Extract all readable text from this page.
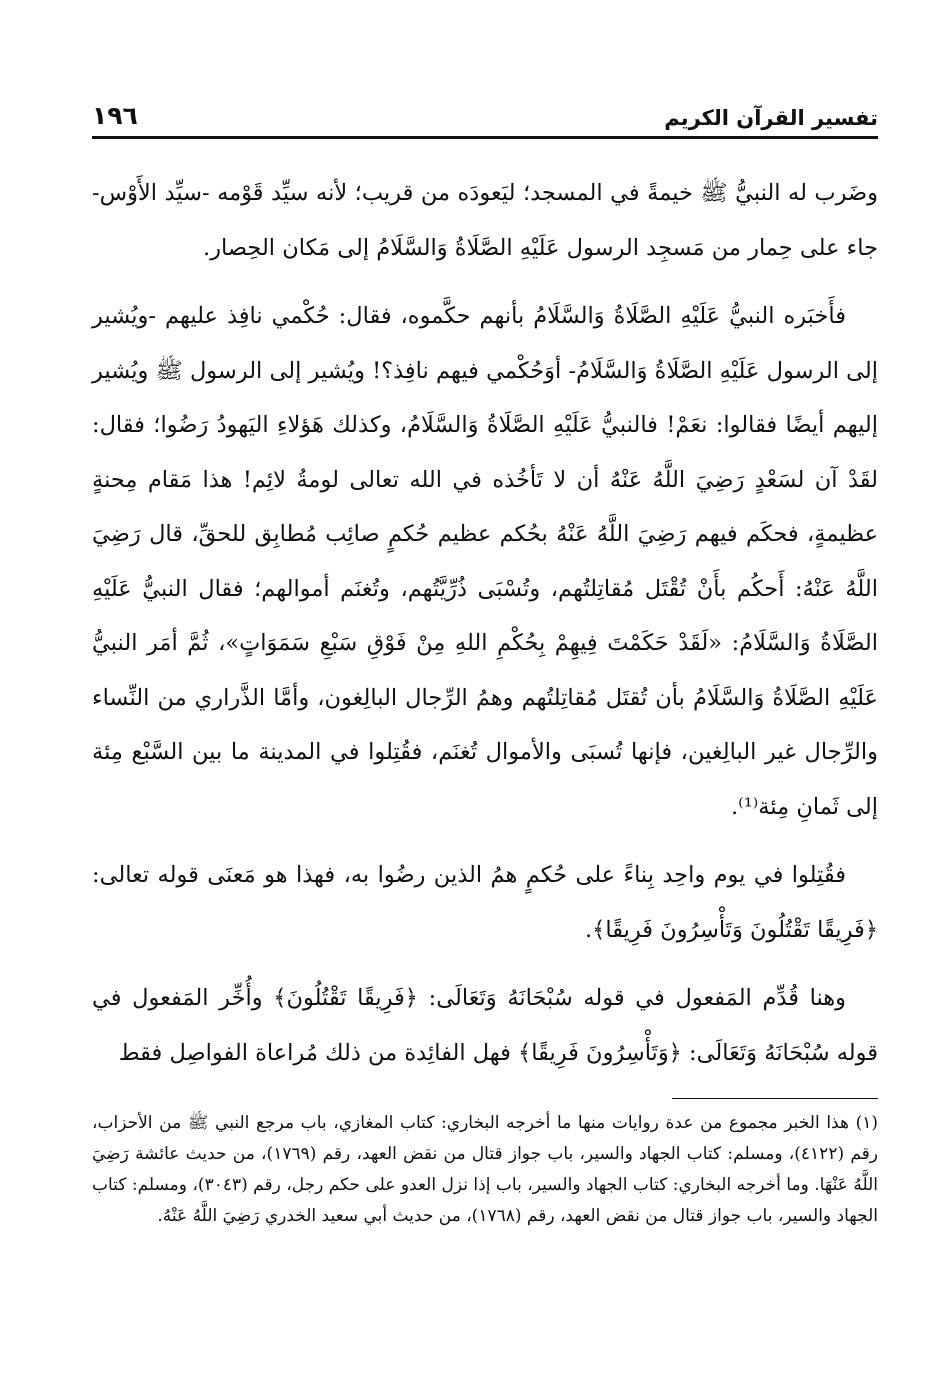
١٩٦	تفسير القرآن الكريم

وضَرب له النبيُّ ﷺ خيمةً في المسجد؛ ليَعودَه من قريب؛ لأنه سيِّد قَوْمه -سيِّد الأَوْس- جاء على حِمار من مَسجِد الرسول عَلَيْهِ الصَّلَاةُ وَالسَّلَامُ إلى مَكان الحِصار.

فأَخبَره النبيُّ عَلَيْهِ الصَّلَاةُ وَالسَّلَامُ بأنهم حكَّموه، فقال: حُكْمي نافِذ عليهم -ويُشير إلى الرسول عَلَيْهِ الصَّلَاةُ وَالسَّلَامُ- أوَحُكْمي فيهم نافِذ؟! ويُشير إلى الرسول ﷺ ويُشير إليهم أيضًا فقالوا: نعَمْ! فالنبيُّ عَلَيْهِ الصَّلَاةُ وَالسَّلَامُ، وكذلك هَؤلاءِ اليَهودُ رَضُوا؛ فقال: لقَدْ آن لسَعْدٍ رَضِيَ اللَّهُ عَنْهُ أن لا تَأخُذه في الله تعالى لومةُ لائِم! هذا مَقام مِحنةٍ عظيمةٍ، فحكَم فيهم رَضِيَ اللَّهُ عَنْهُ بحُكم عظيم حُكمٍ صائِب مُطابِق للحقِّ، قال رَضِيَ اللَّهُ عَنْهُ: أَحكُم بأَنْ تُقْتَل مُقاتِلتُهم، وتُسْبَى ذُرِّيَّتُهم، وتُغنَم أموالهم؛ فقال النبيُّ عَلَيْهِ الصَّلَاةُ وَالسَّلَامُ: «لَقَدْ حَكَمْتَ فِيهِمْ بِحُكْمِ اللهِ مِنْ فَوْقِ سَبْعِ سَمَوَاتٍ»، ثُمَّ أمَر النبيُّ عَلَيْهِ الصَّلَاةُ وَالسَّلَامُ بأن تُقتَل مُقاتِلتُهم وهمُ الرِّجال البالِغون، وأمَّا الذَّراري من النِّساء والرِّجال غير البالِغين، فإنها تُسبَى والأموال تُغنَم، فقُتِلوا في المدينة ما بين السَّبْع مِئة إلى ثَمانِ مِئة⁽¹⁾.

فقُتِلوا في يوم واحِد بِناءً على حُكمٍ همُ الذين رضُوا به، فهذا هو مَعنَى قوله تعالى: ﴿فَرِيقًا تَقْتُلُونَ وَتَأْسِرُونَ فَرِيقًا﴾.

وهنا قُدِّم المَفعول في قوله سُبْحَانَهُ وَتَعَالَى: ﴿فَرِيقًا تَقْتُلُونَ﴾ وأُخِّر المَفعول في قوله سُبْحَانَهُ وَتَعَالَى: ﴿وَتَأْسِرُونَ فَرِيقًا﴾ فهل الفائِدة من ذلك مُراعاة الفواصِل فقط

(١) هذا الخبر مجموع من عدة روايات منها ما أخرجه البخاري: كتاب المغازي، باب مرجع النبي ﷺ من الأحزاب، رقم (٤١٢٢)، ومسلم: كتاب الجهاد والسير، باب جواز قتال من نقض العهد، رقم (١٧٦٩)، من حديث عائشة رَضِيَ اللَّهُ عَنْهَا. وما أخرجه البخاري: كتاب الجهاد والسير، باب إذا نزل العدو على حكم رجل، رقم (٣٠٤٣)، ومسلم: كتاب الجهاد والسير، باب جواز قتال من نقض العهد، رقم (١٧٦٨)، من حديث أبي سعيد الخدري رَضِيَ اللَّهُ عَنْهُ.
